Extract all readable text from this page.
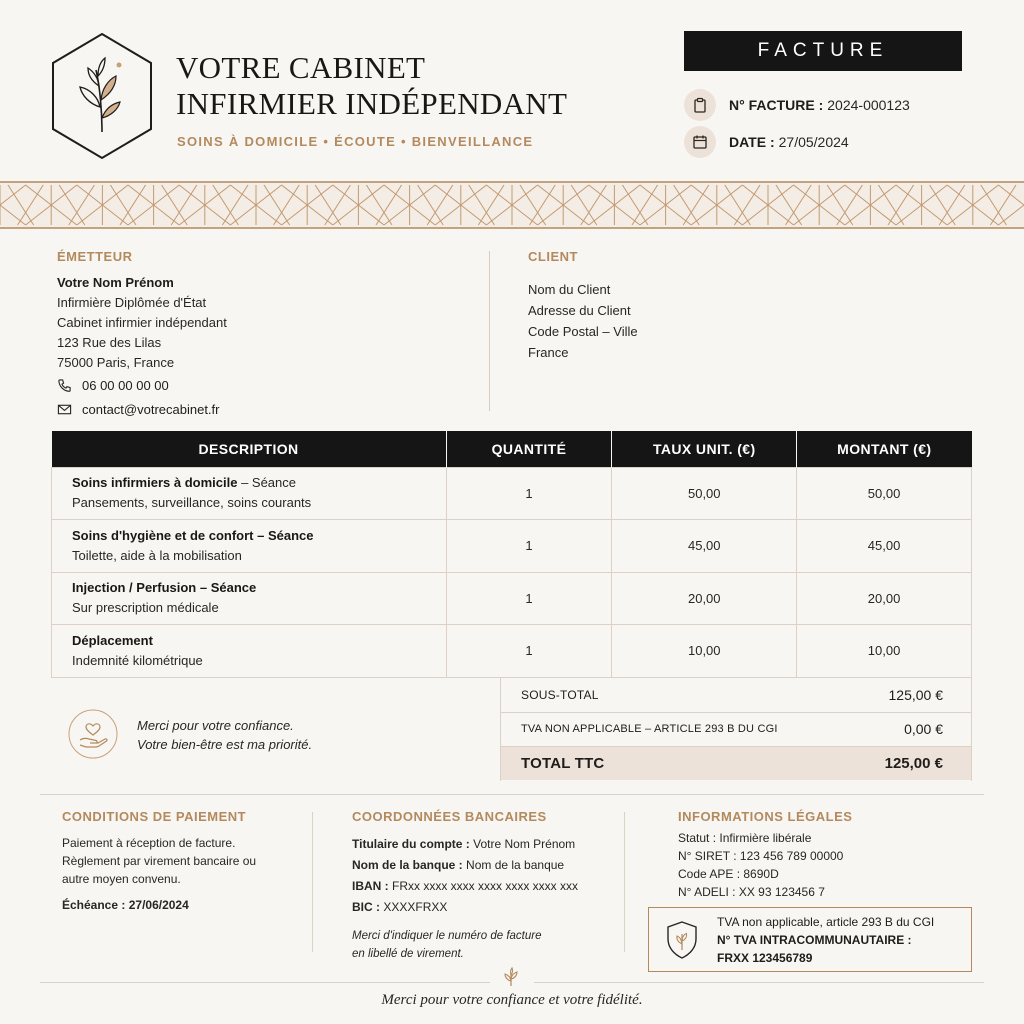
VOTRE CABINET
INFIRMIER INDÉPENDANT
SOINS À DOMICILE • ÉCOUTE • BIENVEILLANCE
FACTURE
N° FACTURE : 2024-000123
DATE : 27/05/2024
ÉMETTEUR
Votre Nom Prénom
Infirmière Diplômée d'État
Cabinet infirmier indépendant
123 Rue des Lilas
75000 Paris, France
06 00 00 00 00
contact@votrecabinet.fr
CLIENT
Nom du Client
Adresse du Client
Code Postal – Ville
France
DESCRIPTION	QUANTITÉ	TAUX UNIT. (€)	MONTANT (€)
Soins infirmiers à domicile – Séance
Pansements, surveillance, soins courants	1	50,00	50,00
Soins d'hygiène et de confort – Séance
Toilette, aide à la mobilisation	1	45,00	45,00
Injection / Perfusion – Séance
Sur prescription médicale	1	20,00	20,00
Déplacement
Indemnité kilométrique	1	10,00	10,00
Merci pour votre confiance.
Votre bien-être est ma priorité.
SOUS-TOTAL	125,00 €
TVA NON APPLICABLE – ARTICLE 293 B DU CGI	0,00 €
TOTAL TTC	125,00 €
CONDITIONS DE PAIEMENT
Paiement à réception de facture.
Règlement par virement bancaire ou
autre moyen convenu.
Échéance : 27/06/2024
COORDONNÉES BANCAIRES
Titulaire du compte : Votre Nom Prénom
Nom de la banque : Nom de la banque
IBAN : FRxx xxxx xxxx xxxx xxxx xxxx xxx
BIC : XXXXFRXX
Merci d'indiquer le numéro de facture
en libellé de virement.
INFORMATIONS LÉGALES
Statut : Infirmière libérale
N° SIRET : 123 456 789 00000
Code APE : 8690D
N° ADELI : XX 93 123456 7
TVA non applicable, article 293 B du CGI
N° TVA INTRACOMMUNAUTAIRE :
FRXX 123456789
Merci pour votre confiance et votre fidélité.
